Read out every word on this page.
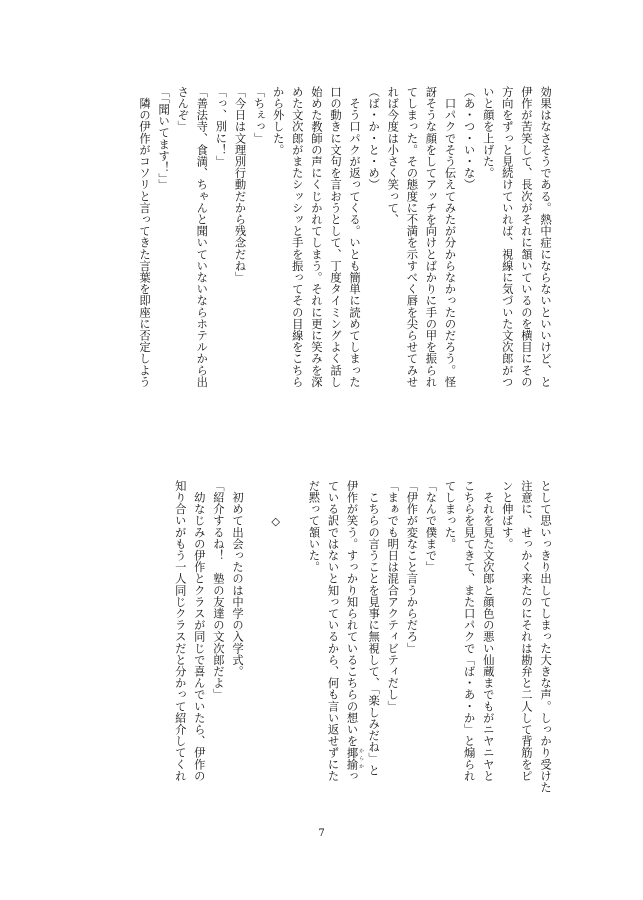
効果はなさそうである。熱中症にならないといいけど、と
伊作が苦笑して、長次がそれに頷いているのを横目にその
方向をずっと見続けていれば、視線に気づいた文次郎がつ
いと顔を上げた。
（あ・つ・い・な）
　口パクでそう伝えてみたが分からなかったのだろう。怪
訝そうな顔をしてアッチを向けとばかりに手の甲を振られ
てしまった。その態度に不満を示すべく唇を尖らせてみせ
れば今度は小さく笑って、
（ば・か・と・め）
　そう口パクが返ってくる。いとも簡単に読めてしまった
口の動きに文句を言おうとして、丁度タイミングよく話し
始めた教師の声にくじかれてしまう。それに更に笑みを深
めた文次郎がまたシッシッと手を振ってその目線をこちら
から外した。
「ちぇっ」
「今日は文理別行動だから残念だね」
「っ、別に！」
「善法寺、食満、ちゃんと聞いていないならホテルから出
さんぞ」
「「聞いてます！」」
　隣の伊作がコソリと言ってきた言葉を即座に否定しよう
として思いっきり出してしまった大きな声。しっかり受けた
注意に、せっかく来たのにそれは勘弁と二人して背筋をピ
ンと伸ばす。
　それを見た文次郎と顔色の悪い仙蔵までもがニヤニヤと
こちらを見てきて、また口パクで「ば・あ・か」と煽られ
てしまった。
「なんで僕まで」
「伊作が変なこと言うからだろ」
「まぁでも明日は混合アクティビティだし」
　こちらの言うことを見事に無視して、「楽しみだね」と
伊作が笑う。すっかり知られているこちらの想いを揶揄 からかっ
ている訳ではないと知っているから、何も言い返せずにた
だ黙って頷いた。

　　　◇

　初めて出会ったのは中学の入学式。
「紹介するね！　塾の友達の文次郎だよ」
　幼なじみの伊作とクラスが同じで喜んでいたら、伊作の
知り合いがもう一人同じクラスだと分かって紹介してくれ
7
